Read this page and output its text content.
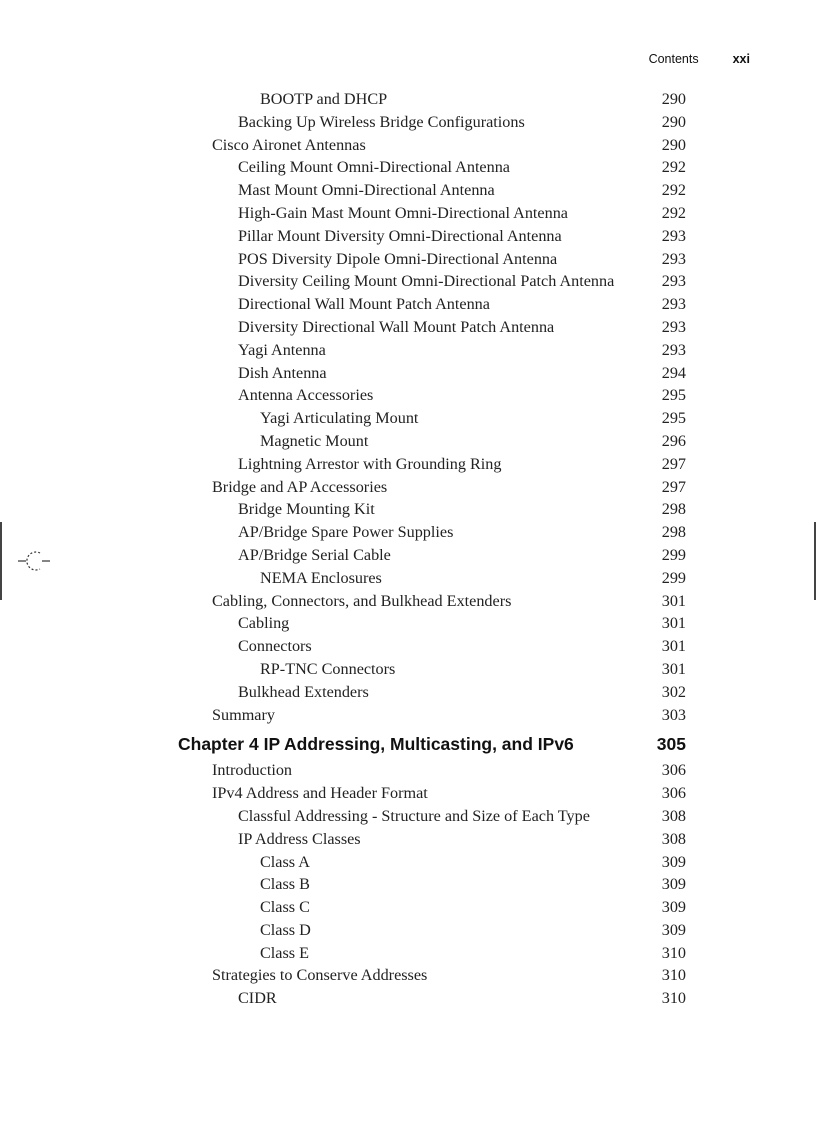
Contents	xxi
BOOTP and DHCP	290
Backing Up Wireless Bridge Configurations	290
Cisco Aironet Antennas	290
Ceiling Mount Omni-Directional Antenna	292
Mast Mount Omni-Directional Antenna	292
High-Gain Mast Mount Omni-Directional Antenna	292
Pillar Mount Diversity Omni-Directional Antenna	293
POS Diversity Dipole Omni-Directional Antenna	293
Diversity Ceiling Mount Omni-Directional Patch Antenna	293
Directional Wall Mount Patch Antenna	293
Diversity Directional Wall Mount Patch Antenna	293
Yagi Antenna	293
Dish Antenna	294
Antenna Accessories	295
Yagi Articulating Mount	295
Magnetic Mount	296
Lightning Arrestor with Grounding Ring	297
Bridge and AP Accessories	297
Bridge Mounting Kit	298
AP/Bridge Spare Power Supplies	298
AP/Bridge Serial Cable	299
NEMA Enclosures	299
Cabling, Connectors, and Bulkhead Extenders	301
Cabling	301
Connectors	301
RP-TNC Connectors	301
Bulkhead Extenders	302
Summary	303
Chapter 4 IP Addressing, Multicasting, and IPv6	305
Introduction	306
IPv4 Address and Header Format	306
Classful Addressing - Structure and Size of Each Type	308
IP Address Classes	308
Class A	309
Class B	309
Class C	309
Class D	309
Class E	310
Strategies to Conserve Addresses	310
CIDR	310
